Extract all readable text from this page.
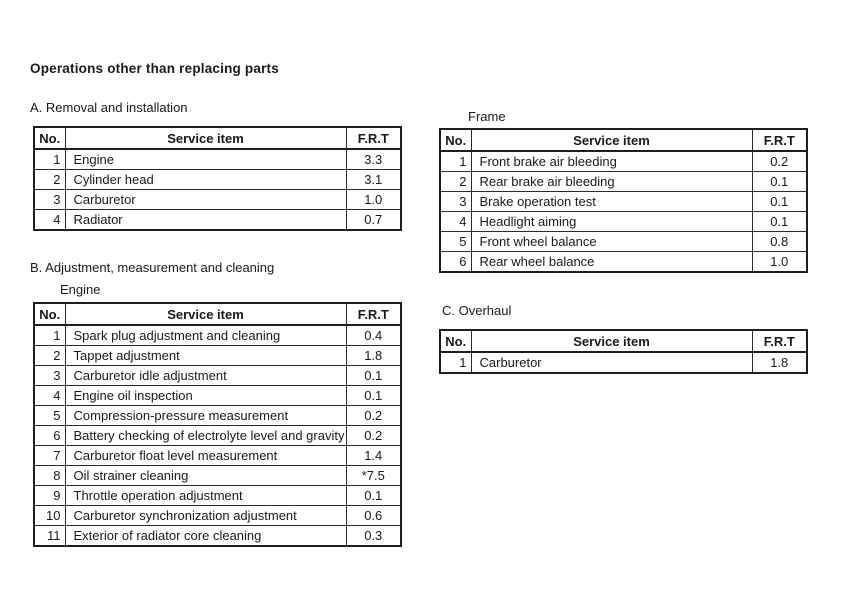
Operations other than replacing parts
A. Removal and installation
No.	Service item	F.R.T
1	Engine	3.3
2	Cylinder head	3.1
3	Carburetor	1.0
4	Radiator	0.7
Frame
No.	Service item	F.R.T
1	Front brake air bleeding	0.2
2	Rear brake air bleeding	0.1
3	Brake operation test	0.1
4	Headlight aiming	0.1
5	Front wheel balance	0.8
6	Rear wheel balance	1.0
B. Adjustment, measurement and cleaning
Engine
No.	Service item	F.R.T
1	Spark plug adjustment and cleaning	0.4
2	Tappet adjustment	1.8
3	Carburetor idle adjustment	0.1
4	Engine oil inspection	0.1
5	Compression-pressure measurement	0.2
6	Battery checking of electrolyte level and gravity	0.2
7	Carburetor float level measurement	1.4
8	Oil strainer cleaning	*7.5
9	Throttle operation adjustment	0.1
10	Carburetor synchronization adjustment	0.6
11	Exterior of radiator core cleaning	0.3
C. Overhaul
No.	Service item	F.R.T
1	Carburetor	1.8
